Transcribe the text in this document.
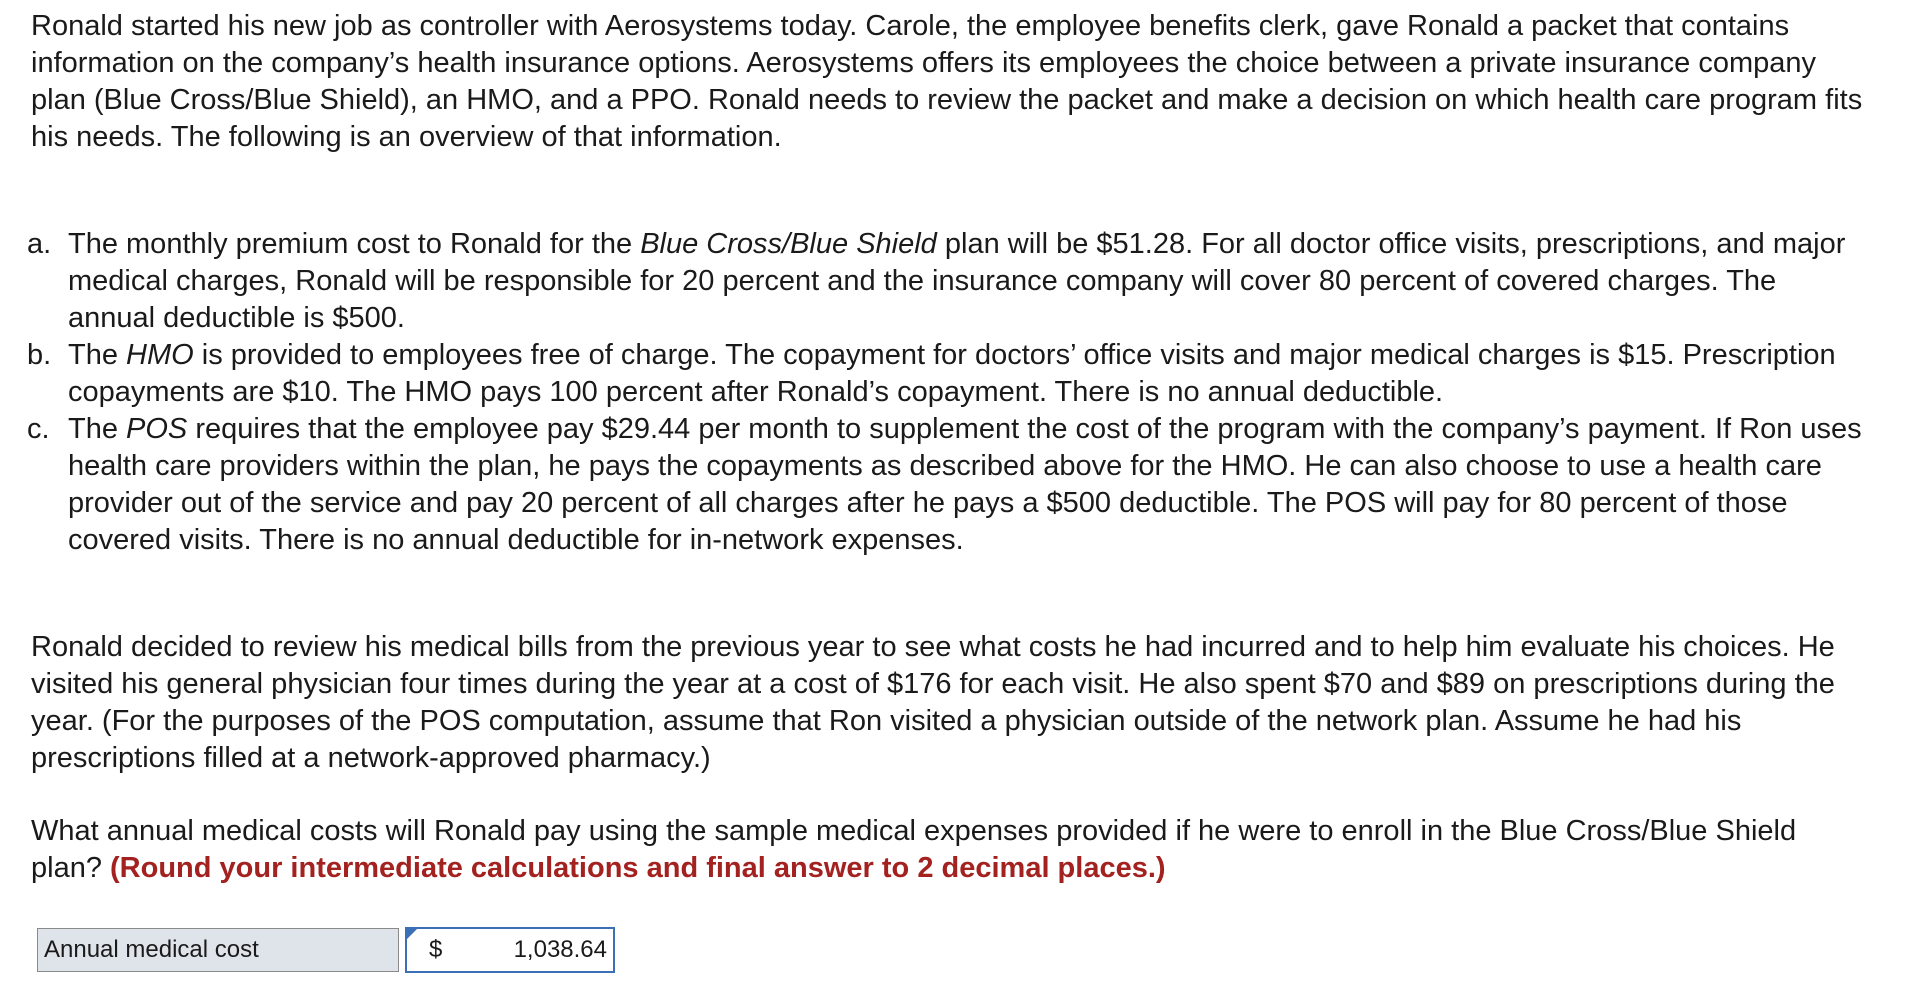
Ronald started his new job as controller with Aerosystems today. Carole, the employee benefits clerk, gave Ronald a packet that contains information on the company’s health insurance options. Aerosystems offers its employees the choice between a private insurance company plan (Blue Cross/Blue Shield), an HMO, and a PPO. Ronald needs to review the packet and make a decision on which health care program fits his needs. The following is an overview of that information.

a. The monthly premium cost to Ronald for the Blue Cross/Blue Shield plan will be $51.28. For all doctor office visits, prescriptions, and major medical charges, Ronald will be responsible for 20 percent and the insurance company will cover 80 percent of covered charges. The annual deductible is $500.
b. The HMO is provided to employees free of charge. The copayment for doctors’ office visits and major medical charges is $15. Prescription copayments are $10. The HMO pays 100 percent after Ronald’s copayment. There is no annual deductible.
c. The POS requires that the employee pay $29.44 per month to supplement the cost of the program with the company’s payment. If Ron uses health care providers within the plan, he pays the copayments as described above for the HMO. He can also choose to use a health care provider out of the service and pay 20 percent of all charges after he pays a $500 deductible. The POS will pay for 80 percent of those covered visits. There is no annual deductible for in-network expenses.

Ronald decided to review his medical bills from the previous year to see what costs he had incurred and to help him evaluate his choices. He visited his general physician four times during the year at a cost of $176 for each visit. He also spent $70 and $89 on prescriptions during the year. (For the purposes of the POS computation, assume that Ron visited a physician outside of the network plan. Assume he had his prescriptions filled at a network-approved pharmacy.)

What annual medical costs will Ronald pay using the sample medical expenses provided if he were to enroll in the Blue Cross/Blue Shield plan? (Round your intermediate calculations and final answer to 2 decimal places.)

Annual medical cost	$	1,038.64
